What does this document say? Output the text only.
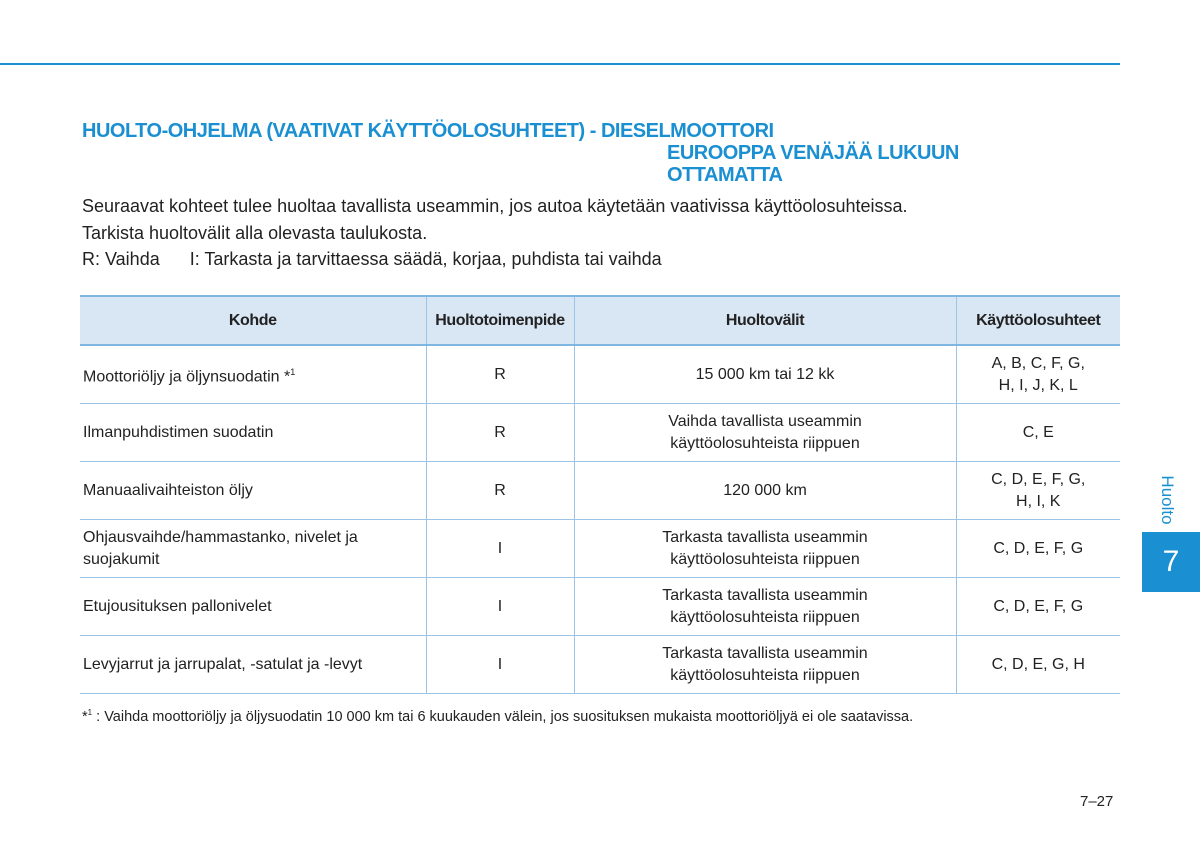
HUOLTO-OHJELMA (VAATIVAT KÄYTTÖOLOSUHTEET) - DIESELMOOTTORI
EUROOPPA VENÄJÄÄ LUKUUN
OTTAMATTA

Seuraavat kohteet tulee huoltaa tavallista useammin, jos autoa käytetään vaativissa käyttöolosuhteissa.

Tarkista huoltovälit alla olevasta taulukosta.

R: Vaihda I: Tarkasta ja tarvittaessa säädä, korjaa, puhdista tai vaihda

Kohde	Huoltotoimenpide	Huoltovälit	Käyttöolosuhteet
Moottoriöljy ja öljynsuodatin *$^1$	R	15 000 km tai 12 kk	A, B, C, F, G,
H, I, J, K, L
Ilmanpuhdistimen suodatin	R	Vaihda tavallista useammin
käyttöolosuhteista riippuen	C, E
Manuaalivaihteiston öljy	R	120 000 km	C, D, E, F, G,
H, I, K
Ohjausvaihde/hammastanko, nivelet ja
suojakumit	I	Tarkasta tavallista useammin
käyttöolosuhteista riippuen	C, D, E, F, G
Etujousituksen pallonivelet	I	Tarkasta tavallista useammin
käyttöolosuhteista riippuen	C, D, E, F, G
Levyjarrut ja jarrupalat, -satulat ja -levyt	I	Tarkasta tavallista useammin
käyttöolosuhteista riippuen	C, D, E, G, H
*$^1$ : Vaihda moottoriöljy ja öljysuodatin 10 000 km tai 6 kuukauden välein, jos suosituksen mukaista moottoriöljyä ei ole saatavissa.
Huolto
7
7–27
